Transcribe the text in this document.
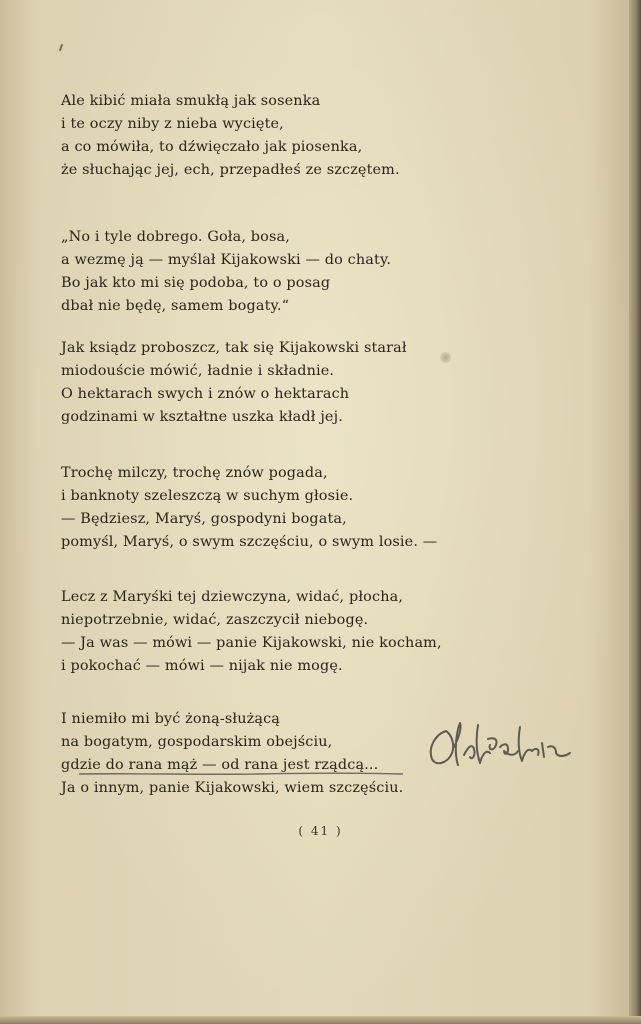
Ale kibić miała smukłą jak sosenka
i te oczy niby z nieba wycięte,
a co mówiła, to dźwięczało jak piosenka,
że słuchając jej, ech, przepadłeś ze szczętem.
„No i tyle dobrego. Goła, bosa,
a wezmę ją — myślał Kijakowski — do chaty.
Bo jak kto mi się podoba, to o posag
dbał nie będę, samem bogaty.“
Jak ksiądz proboszcz, tak się Kijakowski starał
miodouście mówić, ładnie i składnie.
O hektarach swych i znów o hektarach
godzinami w kształtne uszka kładł jej.
Trochę milczy, trochę znów pogada,
i banknoty szeleszczą w suchym głosie.
— Będziesz, Maryś, gospodyni bogata,
pomyśl, Maryś, o swym szczęściu, o swym losie. —
Lecz z Maryśki tej dziewczyna, widać, płocha,
niepotrzebnie, widać, zaszczycił niebogę.
— Ja was — mówi — panie Kijakowski, nie kocham,
i pokochać — mówi — nijak nie mogę.
I niemiło mi być żoną-służącą
na bogatym, gospodarskim obejściu,
gdzie do rana mąż — od rana jest rządcą...
Ja o innym, panie Kijakowski, wiem szczęściu.
( 41 )
